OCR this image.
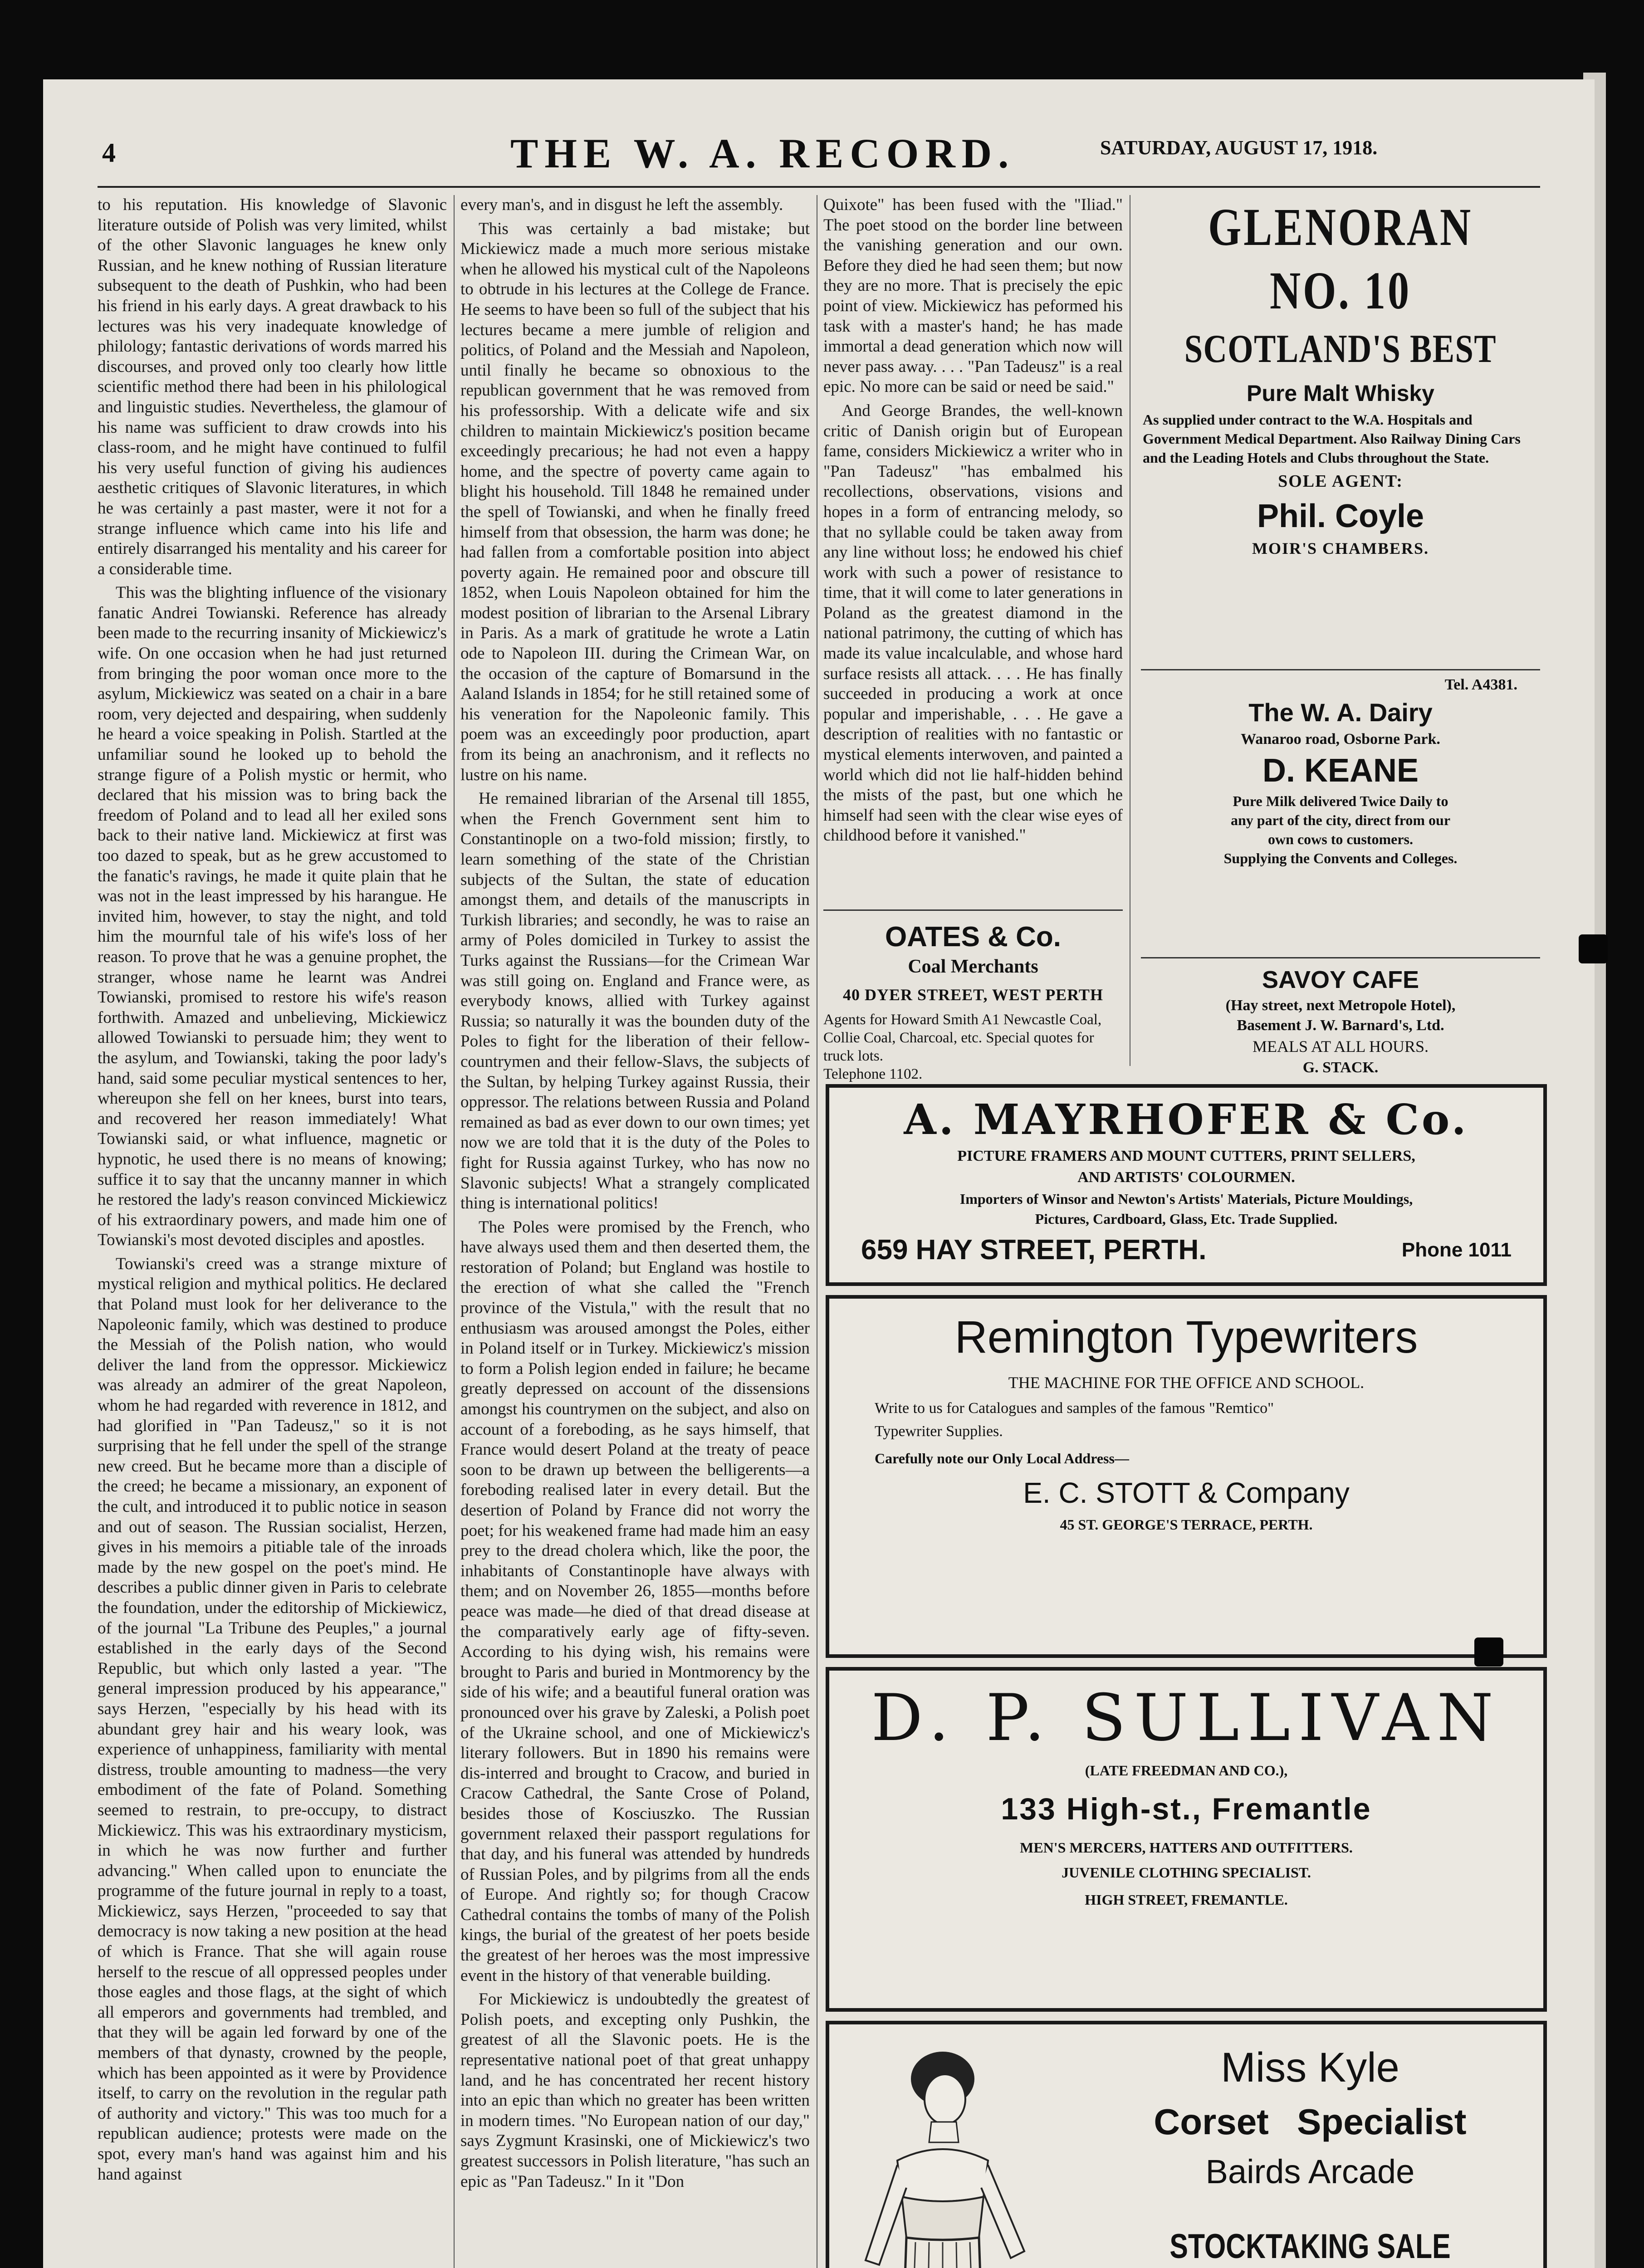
4	THE W. A. RECORD.	SATURDAY, AUGUST 17, 1918.

to his reputation. His knowledge of Slavonic literature outside of Polish was very limited, whilst of the other Slavonic languages he knew only Russian, and he knew nothing of Russian literature subsequent to the death of Pushkin, who had been his friend in his early days. A great drawback to his lectures was his very inadequate knowledge of philology; fantastic derivations of words marred his discourses, and proved only too clearly how little scientific method there had been in his philological and linguistic studies. Nevertheless, the glamour of his name was sufficient to draw crowds into his class-room, and he might have continued to fulfil his very useful function of giving his audiences aesthetic critiques of Slavonic literatures, in which he was certainly a past master, were it not for a strange influence which came into his life and entirely disarranged his mentality and his career for a considerable time.

This was the blighting influence of the visionary fanatic Andrei Towianski. Reference has already been made to the recurring insanity of Mickiewicz's wife. On one occasion when he had just returned from bringing the poor woman once more to the asylum, Mickiewicz was seated on a chair in a bare room, very dejected and despairing, when suddenly he heard a voice speaking in Polish. Startled at the unfamiliar sound he looked up to behold the strange figure of a Polish mystic or hermit, who declared that his mission was to bring back the freedom of Poland and to lead all her exiled sons back to their native land. Mickiewicz at first was too dazed to speak, but as he grew accustomed to the fanatic's ravings, he made it quite plain that he was not in the least impressed by his harangue. He invited him, however, to stay the night, and told him the mournful tale of his wife's loss of her reason. To prove that he was a genuine prophet, the stranger, whose name he learnt was Andrei Towianski, promised to restore his wife's reason forthwith. Amazed and unbelieving, Mickiewicz allowed Towianski to persuade him; they went to the asylum, and Towianski, taking the poor lady's hand, said some peculiar mystical sentences to her, whereupon she fell on her knees, burst into tears, and recovered her reason immediately! What Towianski said, or what influence, magnetic or hypnotic, he used there is no means of knowing; suffice it to say that the uncanny manner in which he restored the lady's reason convinced Mickiewicz of his extraordinary powers, and made him one of Towianski's most devoted disciples and apostles.

Towianski's creed was a strange mixture of mystical religion and mythical politics. He declared that Poland must look for her deliverance to the Napoleonic family, which was destined to produce the Messiah of the Polish nation, who would deliver the land from the oppressor. Mickiewicz was already an admirer of the great Napoleon, whom he had regarded with reverence in 1812, and had glorified in "Pan Tadeusz," so it is not surprising that he fell under the spell of the strange new creed. But he became more than a disciple of the creed; he became a missionary, an exponent of the cult, and introduced it to public notice in season and out of season. The Russian socialist, Herzen, gives in his memoirs a pitiable tale of the inroads made by the new gospel on the poet's mind. He describes a public dinner given in Paris to celebrate the foundation, under the editorship of Mickiewicz, of the journal "La Tribune des Peuples," a journal established in the early days of the Second Republic, but which only lasted a year. "The general impression produced by his appearance," says Herzen, "especially by his head with its abundant grey hair and his weary look, was experience of unhappiness, familiarity with mental distress, trouble amounting to madness—the very embodiment of the fate of Poland. Something seemed to restrain, to pre-occupy, to distract Mickiewicz. This was his extraordinary mysticism, in which he was now further and further advancing." When called upon to enunciate the programme of the future journal in reply to a toast, Mickiewicz, says Herzen, "proceeded to say that democracy is now taking a new position at the head of which is France. That she will again rouse herself to the rescue of all oppressed peoples under those eagles and those flags, at the sight of which all emperors and governments had trembled, and that they will be again led forward by one of the members of that dynasty, crowned by the people, which has been appointed as it were by Providence itself, to carry on the revolution in the regular path of authority and victory." This was too much for a republican audience; protests were made on the spot, every man's hand was against him and his hand against

every man's, and in disgust he left the assembly.

This was certainly a bad mistake; but Mickiewicz made a much more serious mistake when he allowed his mystical cult of the Napoleons to obtrude in his lectures at the College de France. He seems to have been so full of the subject that his lectures became a mere jumble of religion and politics, of Poland and the Messiah and Napoleon, until finally he became so obnoxious to the republican government that he was removed from his professorship. With a delicate wife and six children to maintain Mickiewicz's position became exceedingly precarious; he had not even a happy home, and the spectre of poverty came again to blight his household. Till 1848 he remained under the spell of Towianski, and when he finally freed himself from that obsession, the harm was done; he had fallen from a comfortable position into abject poverty again. He remained poor and obscure till 1852, when Louis Napoleon obtained for him the modest position of librarian to the Arsenal Library in Paris. As a mark of gratitude he wrote a Latin ode to Napoleon III. during the Crimean War, on the occasion of the capture of Bomarsund in the Aaland Islands in 1854; for he still retained some of his veneration for the Napoleonic family. This poem was an exceedingly poor production, apart from its being an anachronism, and it reflects no lustre on his name.

He remained librarian of the Arsenal till 1855, when the French Government sent him to Constantinople on a two-fold mission; firstly, to learn something of the state of the Christian subjects of the Sultan, the state of education amongst them, and details of the manuscripts in Turkish libraries; and secondly, he was to raise an army of Poles domiciled in Turkey to assist the Turks against the Russians—for the Crimean War was still going on. England and France were, as everybody knows, allied with Turkey against Russia; so naturally it was the bounden duty of the Poles to fight for the liberation of their fellow-countrymen and their fellow-Slavs, the subjects of the Sultan, by helping Turkey against Russia, their oppressor. The relations between Russia and Poland remained as bad as ever down to our own times; yet now we are told that it is the duty of the Poles to fight for Russia against Turkey, who has now no Slavonic subjects! What a strangely complicated thing is international politics!

The Poles were promised by the French, who have always used them and then deserted them, the restoration of Poland; but England was hostile to the erection of what she called the "French province of the Vistula," with the result that no enthusiasm was aroused amongst the Poles, either in Poland itself or in Turkey. Mickiewicz's mission to form a Polish legion ended in failure; he became greatly depressed on account of the dissensions amongst his countrymen on the subject, and also on account of a foreboding, as he says himself, that France would desert Poland at the treaty of peace soon to be drawn up between the belligerents—a foreboding realised later in every detail. But the desertion of Poland by France did not worry the poet; for his weakened frame had made him an easy prey to the dread cholera which, like the poor, the inhabitants of Constantinople have always with them; and on November 26, 1855—months before peace was made—he died of that dread disease at the comparatively early age of fifty-seven. According to his dying wish, his remains were brought to Paris and buried in Montmorency by the side of his wife; and a beautiful funeral oration was pronounced over his grave by Zaleski, a Polish poet of the Ukraine school, and one of Mickiewicz's literary followers. But in 1890 his remains were dis-interred and brought to Cracow, and buried in Cracow Cathedral, the Sante Crose of Poland, besides those of Kosciuszko. The Russian government relaxed their passport regulations for that day, and his funeral was attended by hundreds of Russian Poles, and by pilgrims from all the ends of Europe. And rightly so; for though Cracow Cathedral contains the tombs of many of the Polish kings, the burial of the greatest of her poets beside the greatest of her heroes was the most impressive event in the history of that venerable building.

For Mickiewicz is undoubtedly the greatest of Polish poets, and excepting only Pushkin, the greatest of all the Slavonic poets. He is the representative national poet of that great unhappy land, and he has concentrated her recent history into an epic than which no greater has been written in modern times. "No European nation of our day," says Zygmunt Krasinski, one of Mickiewicz's two greatest successors in Polish literature, "has such an epic as "Pan Tadeusz." In it "Don

Quixote" has been fused with the "Iliad." The poet stood on the border line between the vanishing generation and our own. Before they died he had seen them; but now they are no more. That is precisely the epic point of view. Mickiewicz has peformed his task with a master's hand; he has made immortal a dead generation which now will never pass away. . . . "Pan Tadeusz" is a real epic. No more can be said or need be said."

And George Brandes, the well-known critic of Danish origin but of European fame, considers Mickiewicz a writer who in "Pan Tadeusz" "has embalmed his recollections, observations, visions and hopes in a form of entrancing melody, so that no syllable could be taken away from any line without loss; he endowed his chief work with such a power of resistance to time, that it will come to later generations in Poland as the greatest diamond in the national patrimony, the cutting of which has made its value incalculable, and whose hard surface resists all attack. . . . He has finally succeeded in producing a work at once popular and imperishable, . . . He gave a description of realities with no fantastic or mystical elements interwoven, and painted a world which did not lie half-hidden behind the mists of the past, but one which he himself had seen with the clear wise eyes of childhood before it vanished."

OATES & Co.
Coal Merchants
40 DYER STREET, WEST PERTH
Agents for Howard Smith A1 Newcastle Coal, Collie Coal, Charcoal, etc. Special quotes for truck lots.
Telephone 1102.
GLENORAN
NO. 10
SCOTLAND'S BEST
Pure Malt Whisky
As supplied under contract to the W.A. Hospitals and Government Medical Department. Also Railway Dining Cars and the Leading Hotels and Clubs throughout the State.
SOLE AGENT:
Phil. Coyle
MOIR'S CHAMBERS.
Tel. A4381.
The W. A. Dairy
Wanaroo road, Osborne Park.
D. KEANE
Pure Milk delivered Twice Daily to
any part of the city, direct from our
own cows to customers.
Supplying the Convents and Colleges.
SAVOY CAFE
(Hay street, next Metropole Hotel),
Basement J. W. Barnard's, Ltd.
MEALS AT ALL HOURS.
G. STACK.
A. MAYRHOFER & Co.
PICTURE FRAMERS AND MOUNT CUTTERS, PRINT SELLERS,
AND ARTISTS' COLOURMEN.
Importers of Winsor and Newton's Artists' Materials, Picture Mouldings,
Pictures, Cardboard, Glass, Etc. Trade Supplied.
659 HAY STREET, PERTH.	Phone 1011
Remington Typewriters
THE MACHINE FOR THE OFFICE AND SCHOOL.
Write to us for Catalogues and samples of the famous "Remtico"
Typewriter Supplies.
Carefully note our Only Local Address—
E. C. STOTT & Company
45 ST. GEORGE'S TERRACE, PERTH.
D. P. SULLIVAN
(LATE FREEDMAN AND CO.),
133 High-st., Fremantle
MEN'S MERCERS, HATTERS AND OUTFITTERS.
JUVENILE CLOTHING SPECIALIST.
HIGH STREET, FREMANTLE.
Miss Kyle
Corset Specialist
Bairds Arcade
STOCKTAKING SALE
